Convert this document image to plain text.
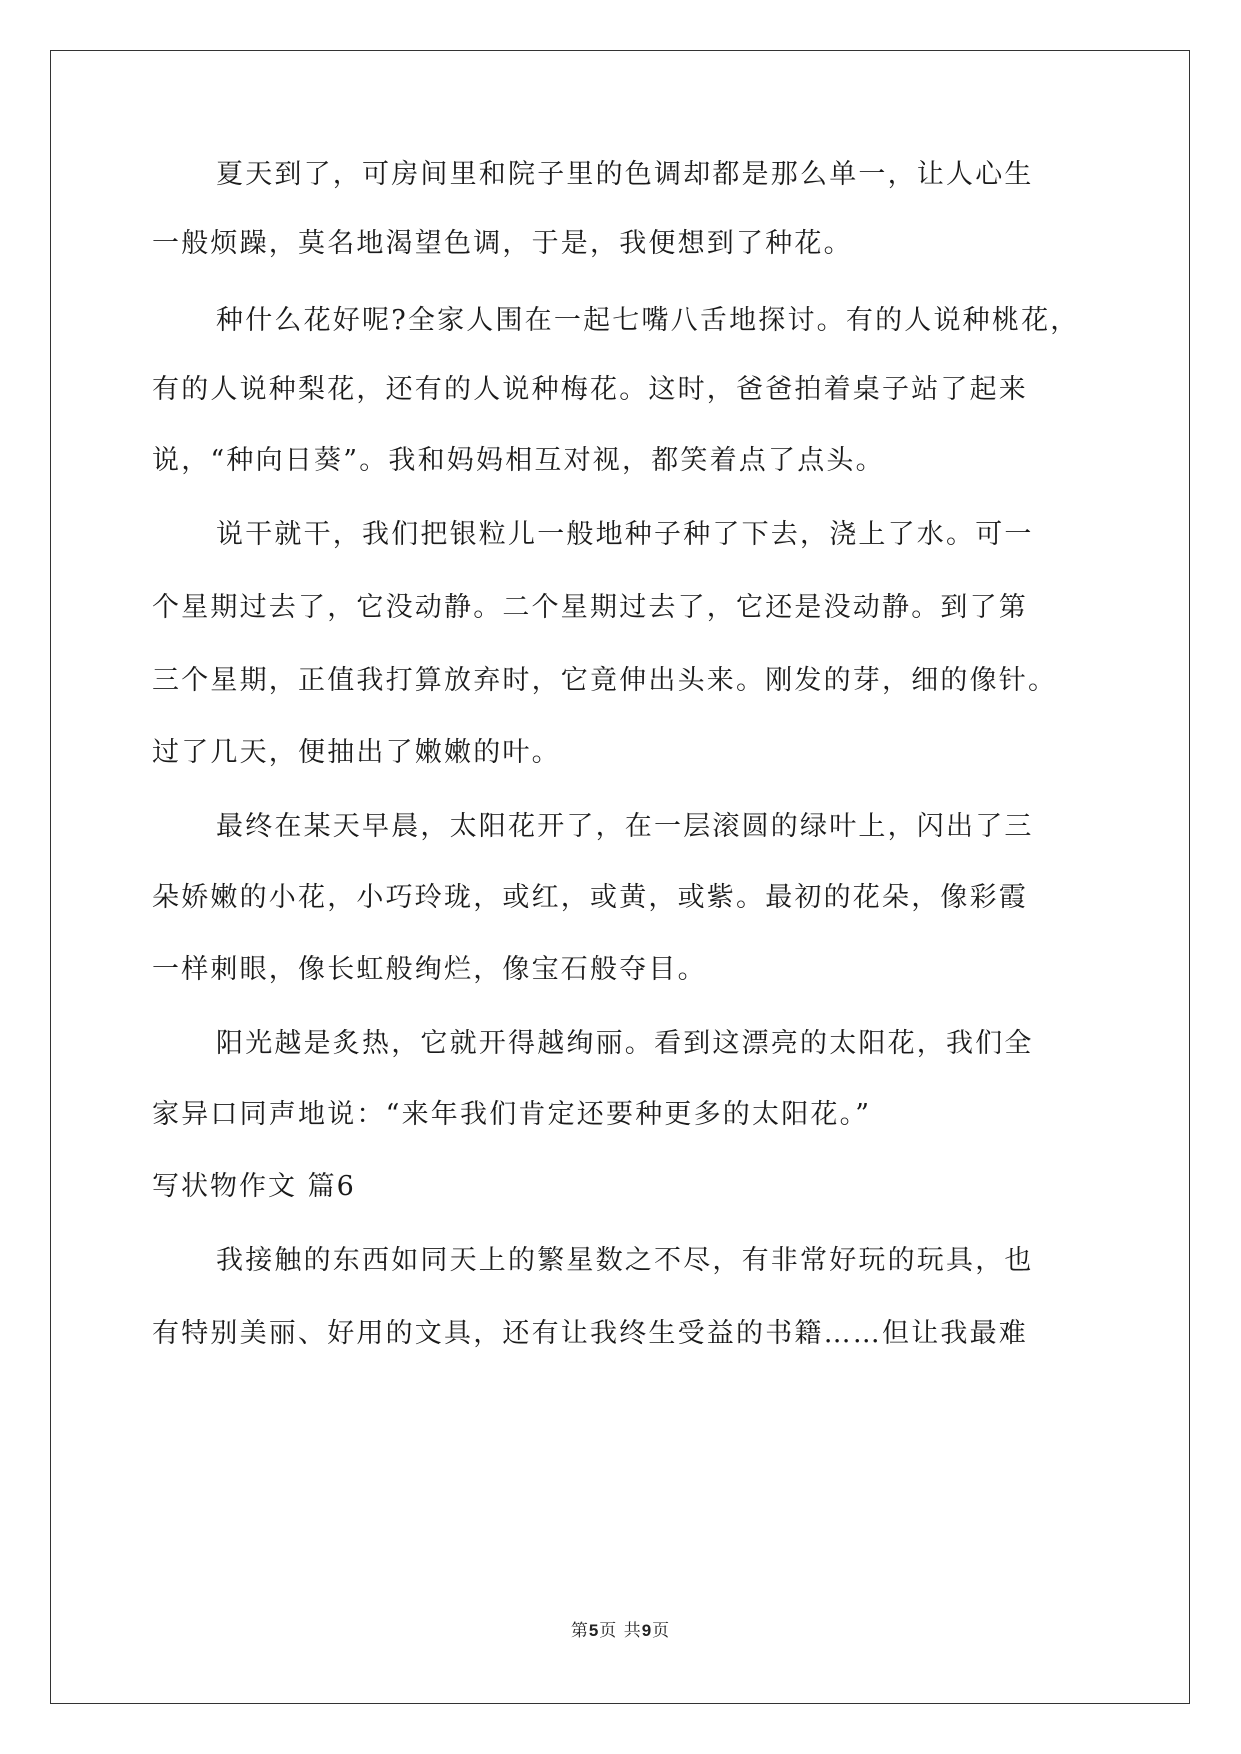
夏天到了，可房间里和院子里的色调却都是那么单一，让人心生
一般烦躁，莫名地渴望色调，于是，我便想到了种花。
种什么花好呢?全家人围在一起七嘴八舌地探讨。有的人说种桃花，
有的人说种梨花，还有的人说种梅花。这时，爸爸拍着桌子站了起来
说，“种向日葵”。我和妈妈相互对视，都笑着点了点头。
说干就干，我们把银粒儿一般地种子种了下去，浇上了水。可一
个星期过去了，它没动静。二个星期过去了，它还是没动静。到了第
三个星期，正值我打算放弃时，它竟伸出头来。刚发的芽，细的像针。
过了几天，便抽出了嫩嫩的叶。
最终在某天早晨，太阳花开了，在一层滚圆的绿叶上，闪出了三
朵娇嫩的小花，小巧玲珑，或红，或黄，或紫。最初的花朵，像彩霞
一样刺眼，像长虹般绚烂，像宝石般夺目。
阳光越是炙热，它就开得越绚丽。看到这漂亮的太阳花，我们全
家异口同声地说：“来年我们肯定还要种更多的太阳花。”
写状物作文 篇6
我接触的东西如同天上的繁星数之不尽，有非常好玩的玩具，也
有特别美丽、好用的文具，还有让我终生受益的书籍……但让我最难
第5页 共9页
